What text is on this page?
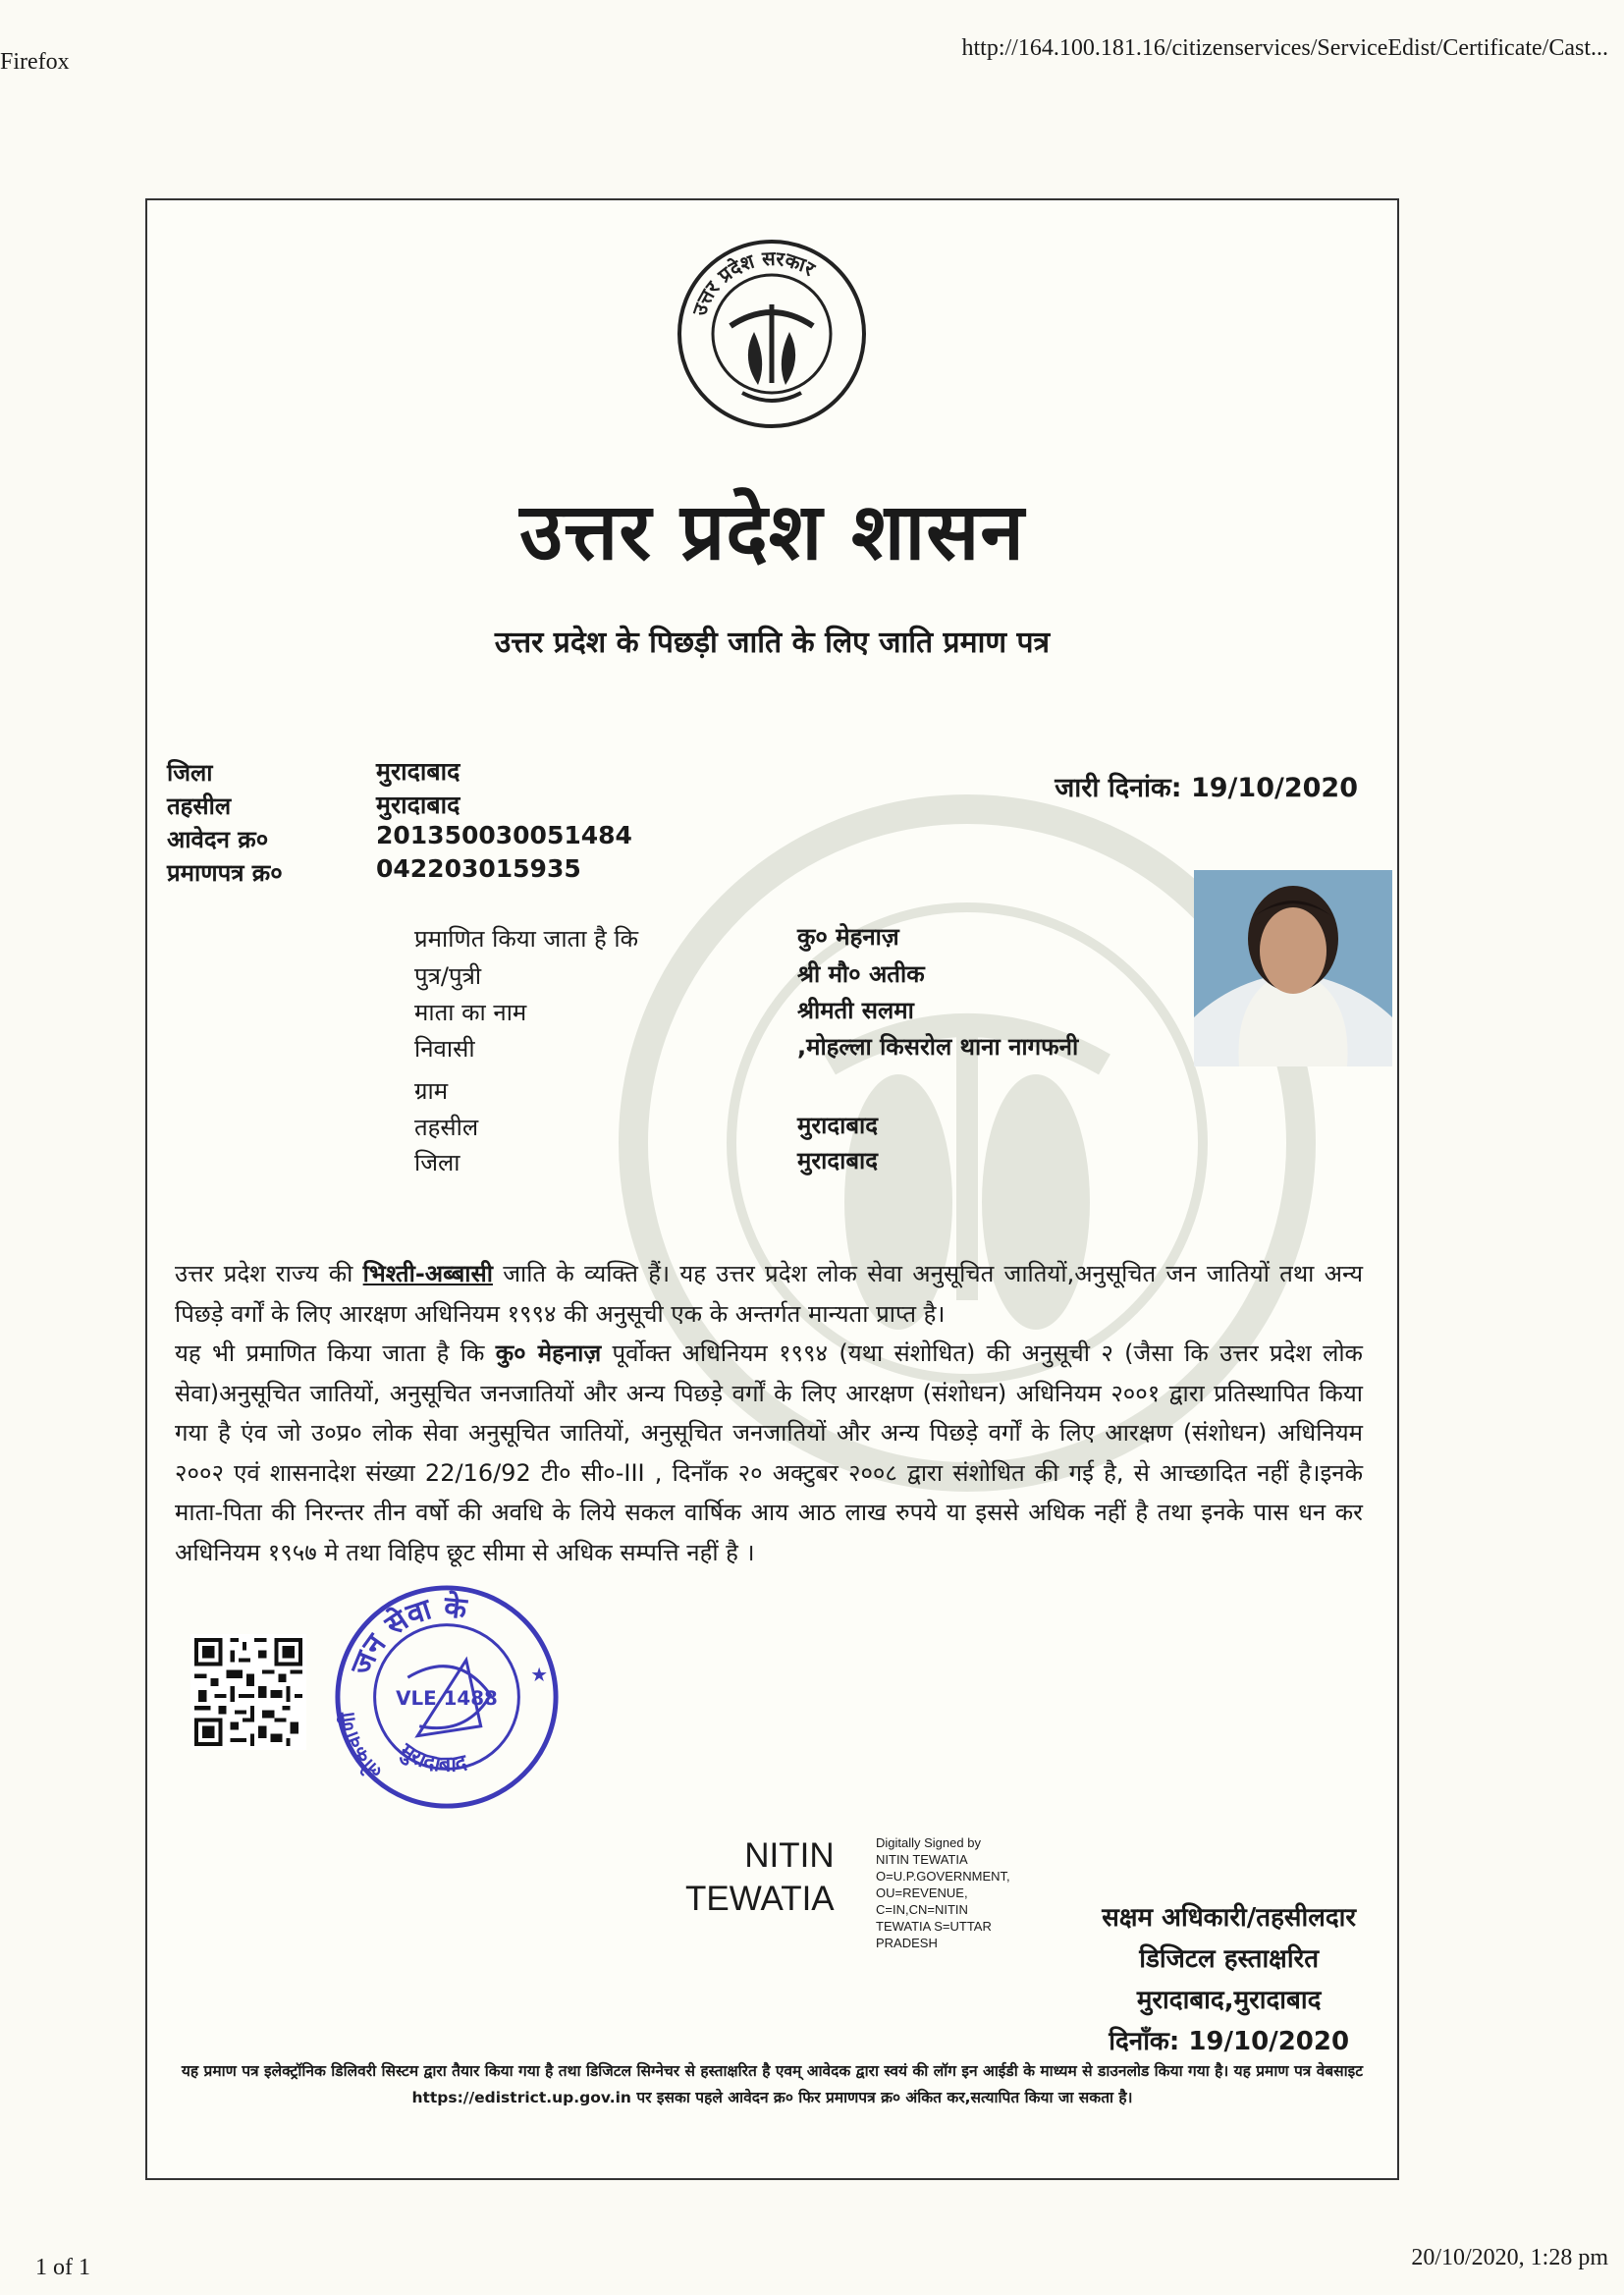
Firefox
http://164.100.181.16/citizenservices/ServiceEdist/Certificate/Cast...
1 of 1	20/10/2020, 1:28 pm
उत्तर प्रदेश सरकार
उत्तर प्रदेश शासन
उत्तर प्रदेश के पिछड़ी जाति के लिए जाति प्रमाण पत्र
जिला	मुरादाबाद
तहसील	मुरादाबाद
आवेदन क्र०	201350030051484
प्रमाणपत्र क्र०	042203015935
जारी दिनांक: 19/10/2020
प्रमाणित किया जाता है कि	कु० मेहनाज़
पुत्र/पुत्री	श्री मौ० अतीक
माता का नाम	श्रीमती सलमा
निवासी	,मोहल्ला किसरोल थाना नागफनी
ग्राम
तहसील	मुरादाबाद
जिला	मुरादाबाद
उत्तर प्रदेश राज्य की भिश्ती-अब्बासी जाति के व्यक्ति हैं। यह उत्तर प्रदेश लोक सेवा अनुसूचित जातियों,अनुसूचित जन जातियों तथा अन्य पिछड़े वर्गों के लिए आरक्षण अधिनियम १९९४ की अनुसूची एक के अन्तर्गत मान्यता प्राप्त है।
यह भी प्रमाणित किया जाता है कि कु० मेहनाज़ पूर्वोक्त अधिनियम १९९४ (यथा संशोधित) की अनुसूची २ (जैसा कि उत्तर प्रदेश लोक सेवा)अनुसूचित जातियों, अनुसूचित जनजातियों और अन्य पिछड़े वर्गों के लिए आरक्षण (संशोधन) अधिनियम २००१ द्वारा प्रतिस्थापित किया गया है एंव जो उ०प्र० लोक सेवा अनुसूचित जातियों, अनुसूचित जनजातियों और अन्य पिछड़े वर्गों के लिए आरक्षण (संशोधन) अधिनियम २००२ एवं शासनादेश संख्या 22/16/92 टी० सी०-III , दिनाँक २० अक्टुबर २००८ द्वारा संशोधित की गई है, से आच्छादित नहीं है।इनके माता-पिता की निरन्तर तीन वर्षो की अवधि के लिये सकल वार्षिक आय आठ लाख रुपये या इससे अधिक नहीं है तथा इनके पास धन कर अधिनियम १९५७ मे तथा विहिप छूट सीमा से अधिक सम्पत्ति नहीं है ।
जन सेवा के
मुरादाबाद
लोकवाणी
VLE 1488
★
NITIN
TEWATIA
Digitally Signed by
NITIN TEWATIA
O=U.P.GOVERNMENT,
OU=REVENUE,
C=IN,CN=NITIN
TEWATIA S=UTTAR
PRADESH
सक्षम अधिकारी/तहसीलदार
डिजिटल हस्ताक्षरित
मुरादाबाद,मुरादाबाद
दिनाँक: 19/10/2020
यह प्रमाण पत्र इलेक्ट्रॉनिक डिलिवरी सिस्टम द्वारा तैयार किया गया है तथा डिजिटल सिग्नेचर से हस्ताक्षरित है एवम् आवेदक द्वारा स्वयं की लॉग इन आईडी के माध्यम से डाउनलोड किया गया है। यह प्रमाण पत्र वेबसाइट https://edistrict.up.gov.in पर इसका पहले आवेदन क्र० फिर प्रमाणपत्र क्र० अंकित कर,सत्यापित किया जा सकता है।
